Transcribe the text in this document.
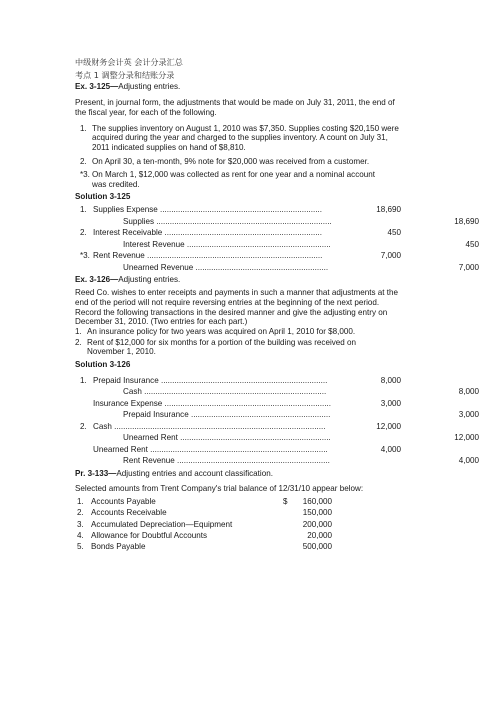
中级财务会计英 会计分录汇总
考点 1 调整分录和结账分录
Ex. 3-125—Adjusting entries.
Present, in journal form, the adjustments that would be made on July 31, 2011, the end of
the fiscal year, for each of the following.
1. The supplies inventory on August 1, 2010 was $7,350. Supplies costing $20,150 were
acquired during the year and charged to the supplies inventory. A count on July 31,
2011 indicated supplies on hand of $8,810.
2. On April 30, a ten-month, 9% note for $20,000 was received from a customer.
*3. On March 1, $12,000 was collected as rent for one year and a nominal account
was credited.
Solution 3-125
1. Supplies Expense ........................................................................	18,690
Supplies ..............................................................................	18,690
2. Interest Receivable ......................................................................	450
Interest Revenue ................................................................	450
*3. Rent Revenue ..............................................................................	7,000
Unearned Revenue ...........................................................	7,000
Ex. 3-126—Adjusting entries.
Reed Co. wishes to enter receipts and payments in such a manner that adjustments at the
end of the period will not require reversing entries at the beginning of the next period.
Record the following transactions in the desired manner and give the adjusting entry on
December 31, 2010. (Two entries for each part.)
1. An insurance policy for two years was acquired on April 1, 2010 for $8,000.
2. Rent of $12,000 for six months for a portion of the building was received on
November 1, 2010.
Solution 3-126
1. Prepaid Insurance ..........................................................................	8,000
Cash .................................................................................	8,000
Insurance Expense ..........................................................................	3,000
Prepaid Insurance ..............................................................	3,000
2. Cash ..............................................................................................	12,000
Unearned Rent ...................................................................	12,000
Unearned Rent ...............................................................................	4,000
Rent Revenue ....................................................................	4,000
Pr. 3-133—Adjusting entries and account classification.
Selected amounts from Trent Company's trial balance of 12/31/10 appear below:
1. Accounts Payable	$	160,000
2. Accounts Receivable	150,000
3. Accumulated Depreciation—Equipment	200,000
4. Allowance for Doubtful Accounts	20,000
5. Bonds Payable	500,000
